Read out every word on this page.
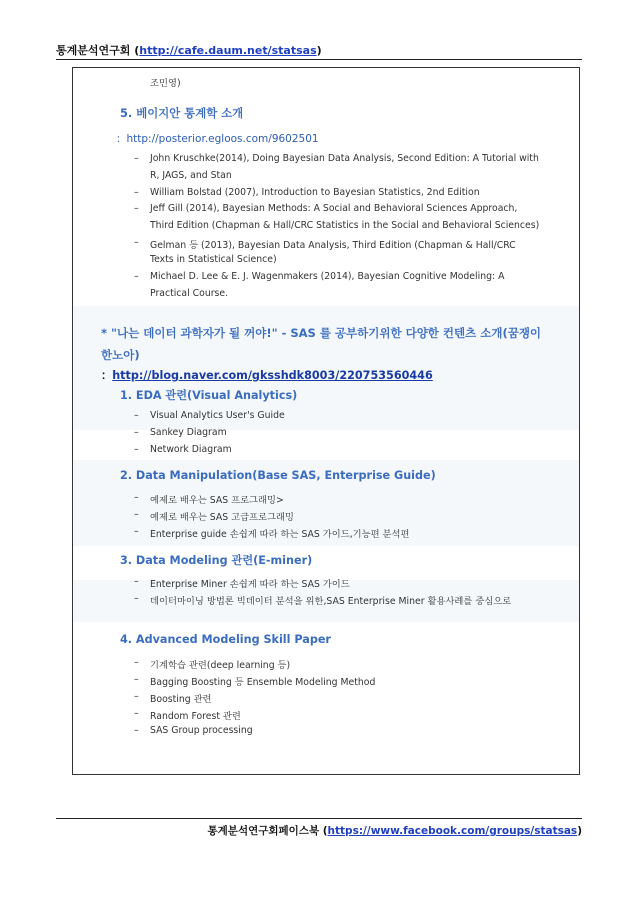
통계분석연구회 (http://cafe.daum.net/statsas)
조민영)
5. 베이지안 통계학 소개
：http://posterior.egloos.com/9602501
– John Kruschke(2014), Doing Bayesian Data Analysis, Second Edition: A Tutorial with
R, JAGS, and Stan
– William Bolstad (2007), Introduction to Bayesian Statistics, 2nd Edition
– Jeff Gill (2014), Bayesian Methods: A Social and Behavioral Sciences Approach,
Third Edition (Chapman & Hall/CRC Statistics in the Social and Behavioral Sciences)
– Gelman 등 (2013), Bayesian Data Analysis, Third Edition (Chapman & Hall/CRC
Texts in Statistical Science)
– Michael D. Lee & E. J. Wagenmakers (2014), Bayesian Cognitive Modeling: A
Practical Course.
* "나는 데이터 과학자가 될 꺼야!" - SAS 를 공부하기위한 다양한 컨텐츠 소개(꿈쟁이
한노아)
：http://blog.naver.com/gksshdk8003/220753560446
1. EDA 관련(Visual Analytics)
– Visual Analytics User's Guide
– Sankey Diagram
– Network Diagram
2. Data Manipulation(Base SAS, Enterprise Guide)
– 예제로 배우는 SAS 프로그래밍>
– 예제로 배우는 SAS 고급프로그래밍
– Enterprise guide 손쉽게 따라 하는 SAS 가이드,기능편 분석편
3. Data Modeling 관련(E-miner)
– Enterprise Miner 손쉽게 따라 하는 SAS 가이드
– 데이터마이닝 방법론 빅데이터 분석을 위한,SAS Enterprise Miner 활용사례를 중심으로
4. Advanced Modeling Skill Paper
– 기계학습 관련(deep learning 등)
– Bagging Boosting 등 Ensemble Modeling Method
– Boosting 관련
– Random Forest 관련
– SAS Group processing
통계분석연구회페이스북 (https://www.facebook.com/groups/statsas)
